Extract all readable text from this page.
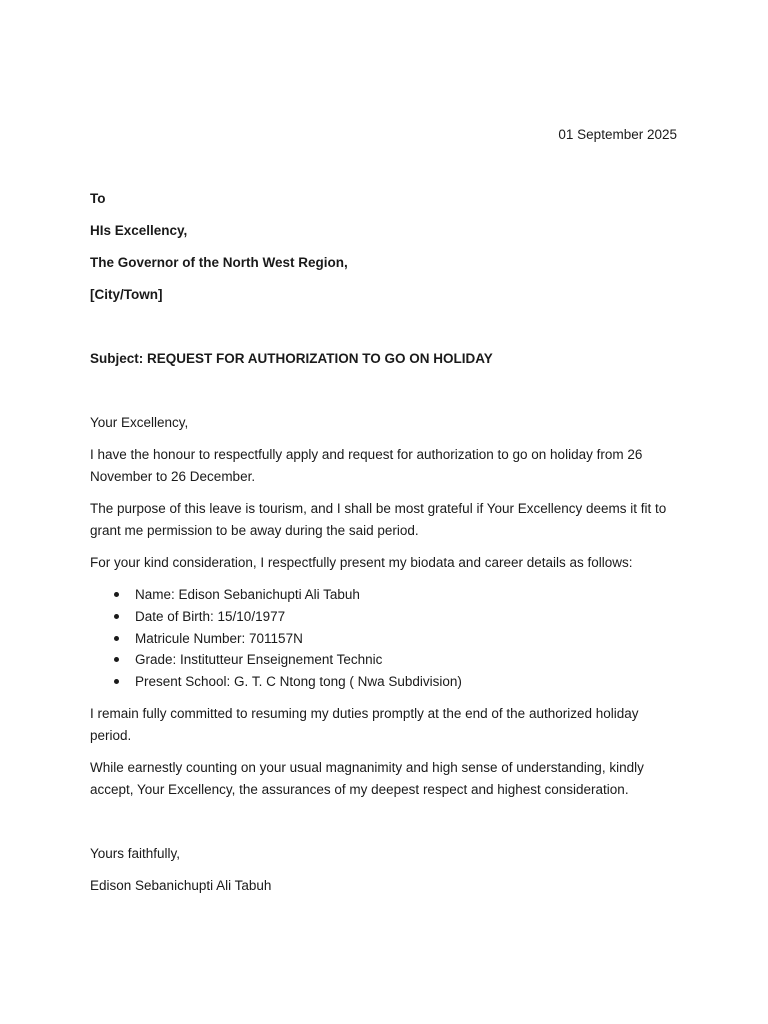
01 September 2025

To

HIs Excellency,

The Governor of the North West Region,

[City/Town]

Subject: REQUEST FOR AUTHORIZATION TO GO ON HOLIDAY

Your Excellency,

I have the honour to respectfully apply and request for authorization to go on holiday from 26 November to 26 December.

The purpose of this leave is tourism, and I shall be most grateful if Your Excellency deems it fit to grant me permission to be away during the said period.

For your kind consideration, I respectfully present my biodata and career details as follows:

Name: Edison Sebanichupti Ali Tabuh
Date of Birth: 15/10/1977
Matricule Number: 701157N
Grade: Institutteur Enseignement Technic
Present School: G. T. C Ntong tong ( Nwa Subdivision)

I remain fully committed to resuming my duties promptly at the end of the authorized holiday period.

While earnestly counting on your usual magnanimity and high sense of understanding, kindly accept, Your Excellency, the assurances of my deepest respect and highest consideration.

Yours faithfully,

Edison Sebanichupti Ali Tabuh
